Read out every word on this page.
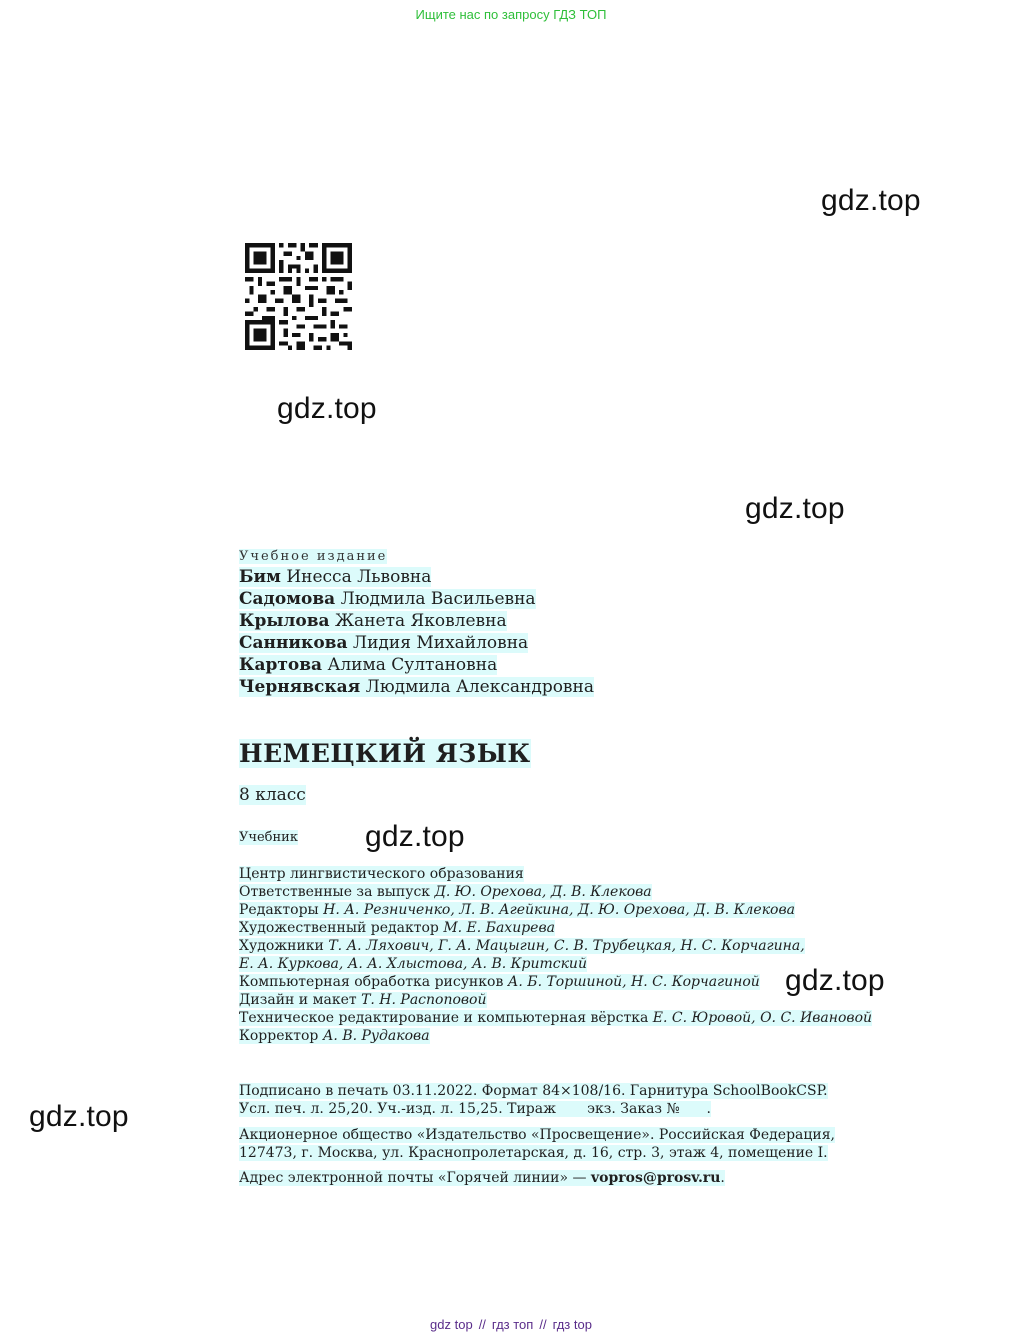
Ищите нас по запросу ГДЗ ТОП
gdz.top
gdz.top
gdz.top
gdz.top
gdz.top
gdz.top
Учебное издание
Бим Инесса Львовна
Садомова Людмила Васильевна
Крылова Жанета Яковлевна
Санникова Лидия Михайловна
Картова Алима Султановна
Чернявская Людмила Александровна
НЕМЕЦКИЙ ЯЗЫК
8 класс
Учебник
Центр лингвистического образования
Ответственные за выпуск Д. Ю. Орехова, Д. В. Клекова
Редакторы Н. А. Резниченко, Л. В. Агейкина, Д. Ю. Орехова, Д. В. Клекова
Художественный редактор М. Е. Бахирева
Художники Т. А. Ляхович, Г. А. Мацыгин, С. В. Трубецкая, Н. С. Корчагина,
Е. А. Куркова, А. А. Хлыстова, А. В. Критский
Компьютерная обработка рисунков А. Б. Торшиной, Н. С. Корчагиной
Дизайн и макет Т. Н. Распоповой
Техническое редактирование и компьютерная вёрстка Е. С. Юровой, О. С. Ивановой
Корректор А. В. Рудакова
Подписано в печать 03.11.2022. Формат 84×108/16. Гарнитура SchoolBookCSP.
Усл. печ. л. 25,20. Уч.-изд. л. 15,25. Тираж       экз. Заказ №      .
Акционерное общество «Издательство «Просвещение». Российская Федерация,
127473, г. Москва, ул. Краснопролетарская, д. 16, стр. 3, этаж 4, помещение I.
Адрес электронной почты «Горячей линии» — vopros@prosv.ru.
gdz top // гдз топ // гдз top
